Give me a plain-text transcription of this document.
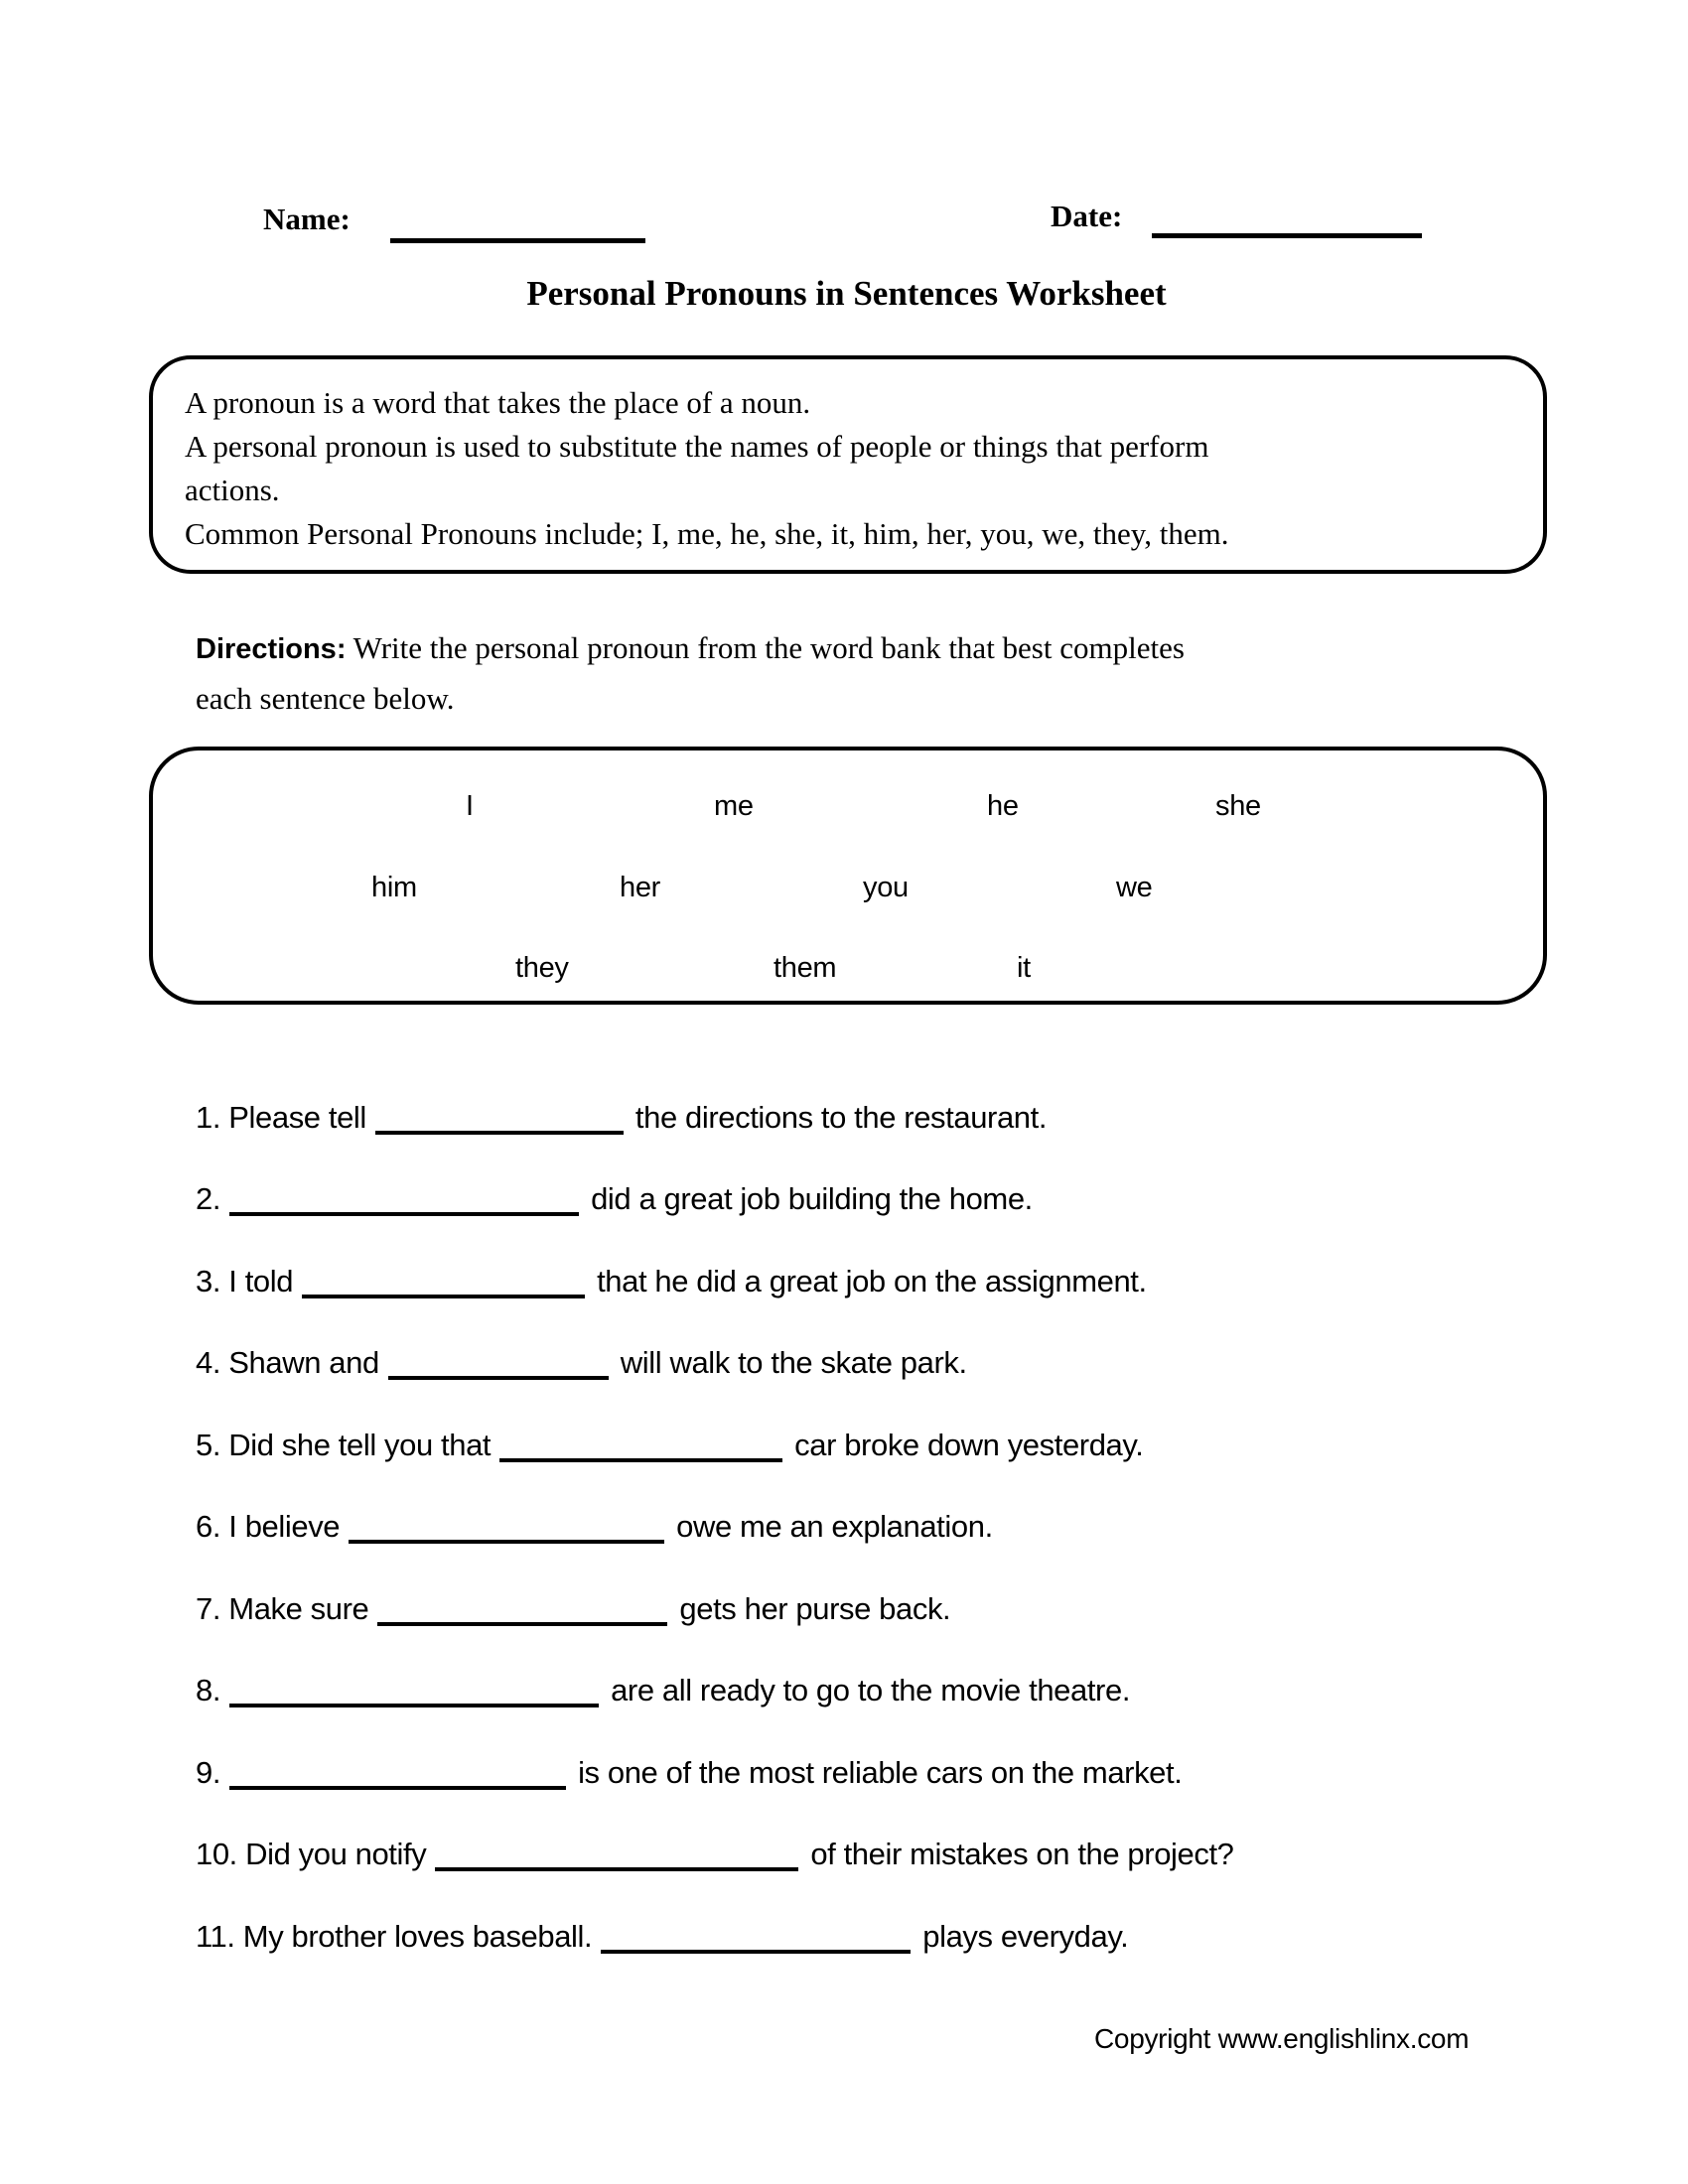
Name:	Date:
Personal Pronouns in Sentences Worksheet
A pronoun is a word that takes the place of a noun.
A personal pronoun is used to substitute the names of people or things that perform
actions.
Common Personal Pronouns include; I, me, he, she, it, him, her, you, we, they, them.
Directions: Write the personal pronoun from the word bank that best completes
each sentence below.
I	me	he	she
him	her	you	we
they	them	it
1. Please tell	the directions to the restaurant.
2.	did a great job building the home.
3. I told	that he did a great job on the assignment.
4. Shawn and	will walk to the skate park.
5. Did she tell you that	car broke down yesterday.
6. I believe	owe me an explanation.
7. Make sure	gets her purse back.
8.	are all ready to go to the movie theatre.
9.	is one of the most reliable cars on the market.
10. Did you notify	of their mistakes on the project?
11. My brother loves baseball.	plays everyday.
Copyright www.englishlinx.com
